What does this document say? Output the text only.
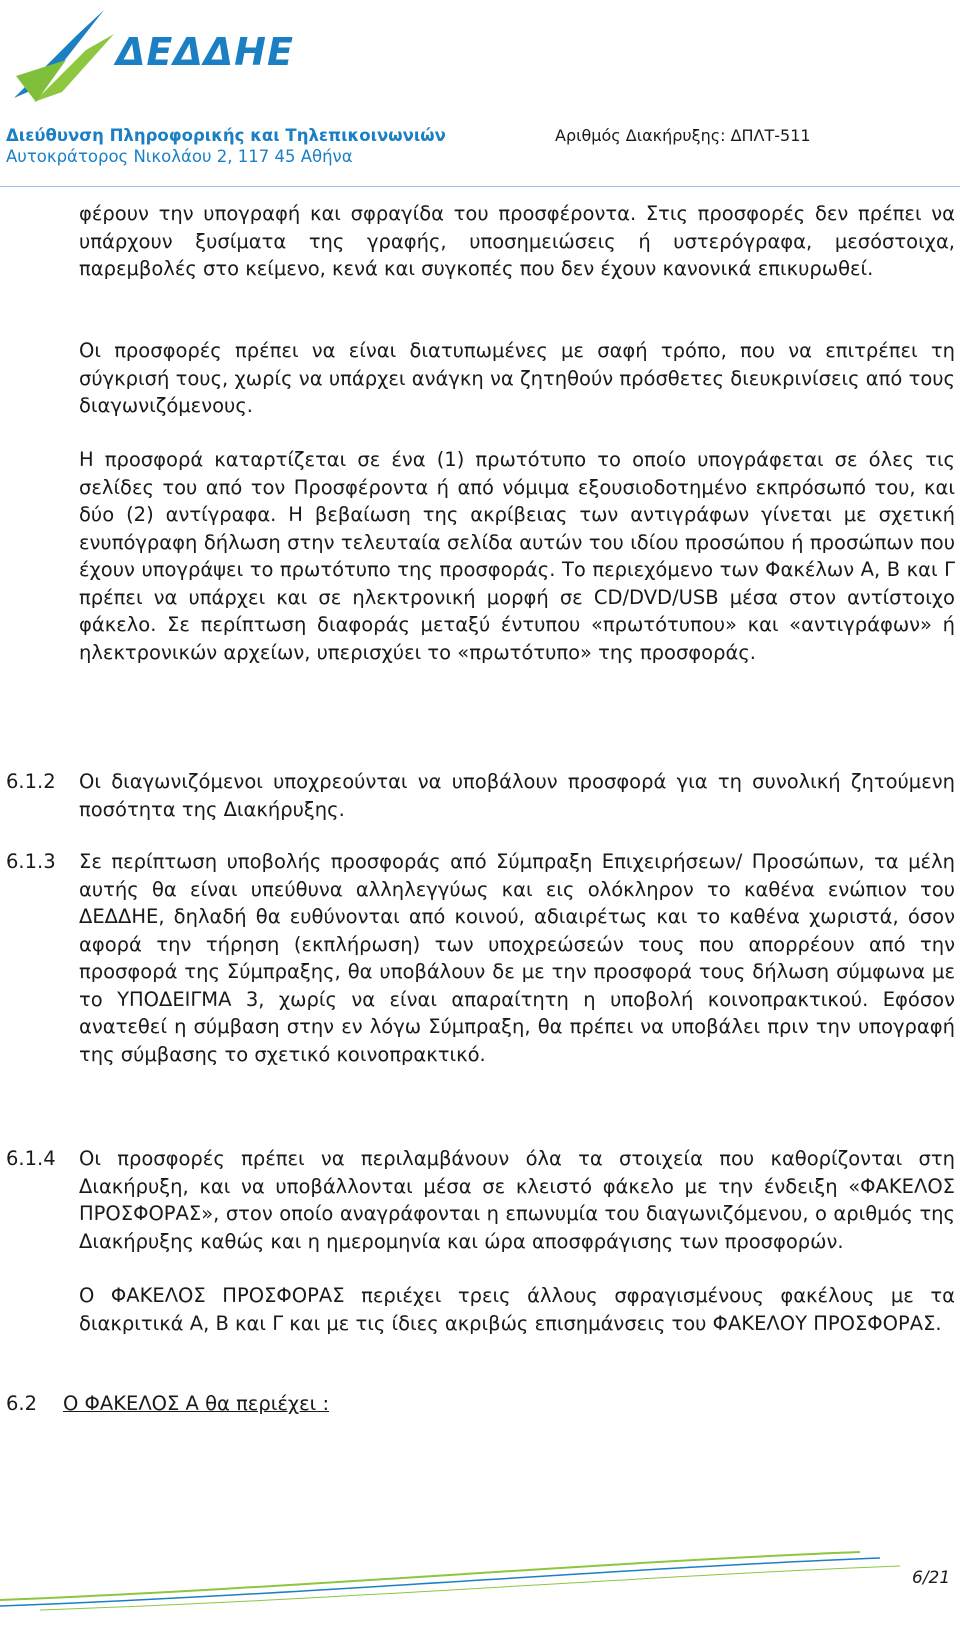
ΔΕΔΔΗΕ
Διεύθυνση Πληροφορικής και Τηλεπικοινωνιών
Αυτοκράτορος Νικολάου 2, 117 45 Αθήνα
Αριθμός Διακήρυξης: ΔΠΛΤ-511

φέρουν την υπογραφή και σφραγίδα του προσφέροντα. Στις προσφορές δεν πρέπει να υπάρχουν ξυσίματα της γραφής, υποσημειώσεις ή υστερόγραφα, μεσόστοιχα, παρεμβολές στο κείμενο, κενά και συγκοπές που δεν έχουν κανονικά επικυρωθεί.

Οι προσφορές πρέπει να είναι διατυπωμένες με σαφή τρόπο, που να επιτρέπει τη σύγκρισή τους, χωρίς να υπάρχει ανάγκη να ζητηθούν πρόσθετες διευκρινίσεις από τους διαγωνιζόμενους.

Η προσφορά καταρτίζεται σε ένα (1) πρωτότυπο το οποίο υπογράφεται σε όλες τις σελίδες του από τον Προσφέροντα ή από νόμιμα εξουσιοδοτημένο εκπρόσωπό του, και δύο (2) αντίγραφα. Η βεβαίωση της ακρίβειας των αντιγράφων γίνεται με σχετική ενυπόγραφη δήλωση στην τελευταία σελίδα αυτών του ιδίου προσώπου ή προσώπων που έχουν υπογράψει το πρωτότυπο της προσφοράς. Το περιεχόμενο των Φακέλων Α, Β και Γ πρέπει να υπάρχει και σε ηλεκτρονική μορφή σε CD/DVD/USB μέσα στον αντίστοιχο φάκελο. Σε περίπτωση διαφοράς μεταξύ έντυπου «πρωτότυπου» και «αντιγράφων» ή ηλεκτρονικών αρχείων, υπερισχύει το «πρωτότυπο» της προσφοράς.

6.1.2	Οι διαγωνιζόμενοι υποχρεούνται να υποβάλουν προσφορά για τη συνολική ζητούμενη ποσότητα της Διακήρυξης.

6.1.3	Σε περίπτωση υποβολής προσφοράς από Σύμπραξη Επιχειρήσεων/ Προσώπων, τα μέλη αυτής θα είναι υπεύθυνα αλληλεγγύως και εις ολόκληρον το καθένα ενώπιον του ΔΕΔΔΗΕ, δηλαδή θα ευθύνονται από κοινού, αδιαιρέτως και το καθένα χωριστά, όσον αφορά την τήρηση (εκπλήρωση) των υποχρεώσεών τους που απορρέουν από την προσφορά της Σύμπραξης, θα υποβάλουν δε με την προσφορά τους δήλωση σύμφωνα με το ΥΠΟΔΕΙΓΜΑ 3, χωρίς να είναι απαραίτητη η υποβολή κοινοπρακτικού. Εφόσον ανατεθεί η σύμβαση στην εν λόγω Σύμπραξη, θα πρέπει να υποβάλει πριν την υπογραφή της σύμβασης το σχετικό κοινοπρακτικό.

6.1.4	Οι προσφορές πρέπει να περιλαμβάνουν όλα τα στοιχεία που καθορίζονται στη Διακήρυξη, και να υποβάλλονται μέσα σε κλειστό φάκελο με την ένδειξη «ΦΑΚΕΛΟΣ ΠΡΟΣΦΟΡΑΣ», στον οποίο αναγράφονται η επωνυμία του διαγωνιζόμενου, ο αριθμός της Διακήρυξης καθώς και η ημερομηνία και ώρα αποσφράγισης των προσφορών.

Ο ΦΑΚΕΛΟΣ ΠΡΟΣΦΟΡΑΣ περιέχει τρεις άλλους σφραγισμένους φακέλους με τα διακριτικά Α, Β και Γ και με τις ίδιες ακριβώς επισημάνσεις του ΦΑΚΕΛΟΥ ΠΡΟΣΦΟΡΑΣ.

6.2	Ο ΦΑΚΕΛΟΣ Α θα περιέχει :
6/21
